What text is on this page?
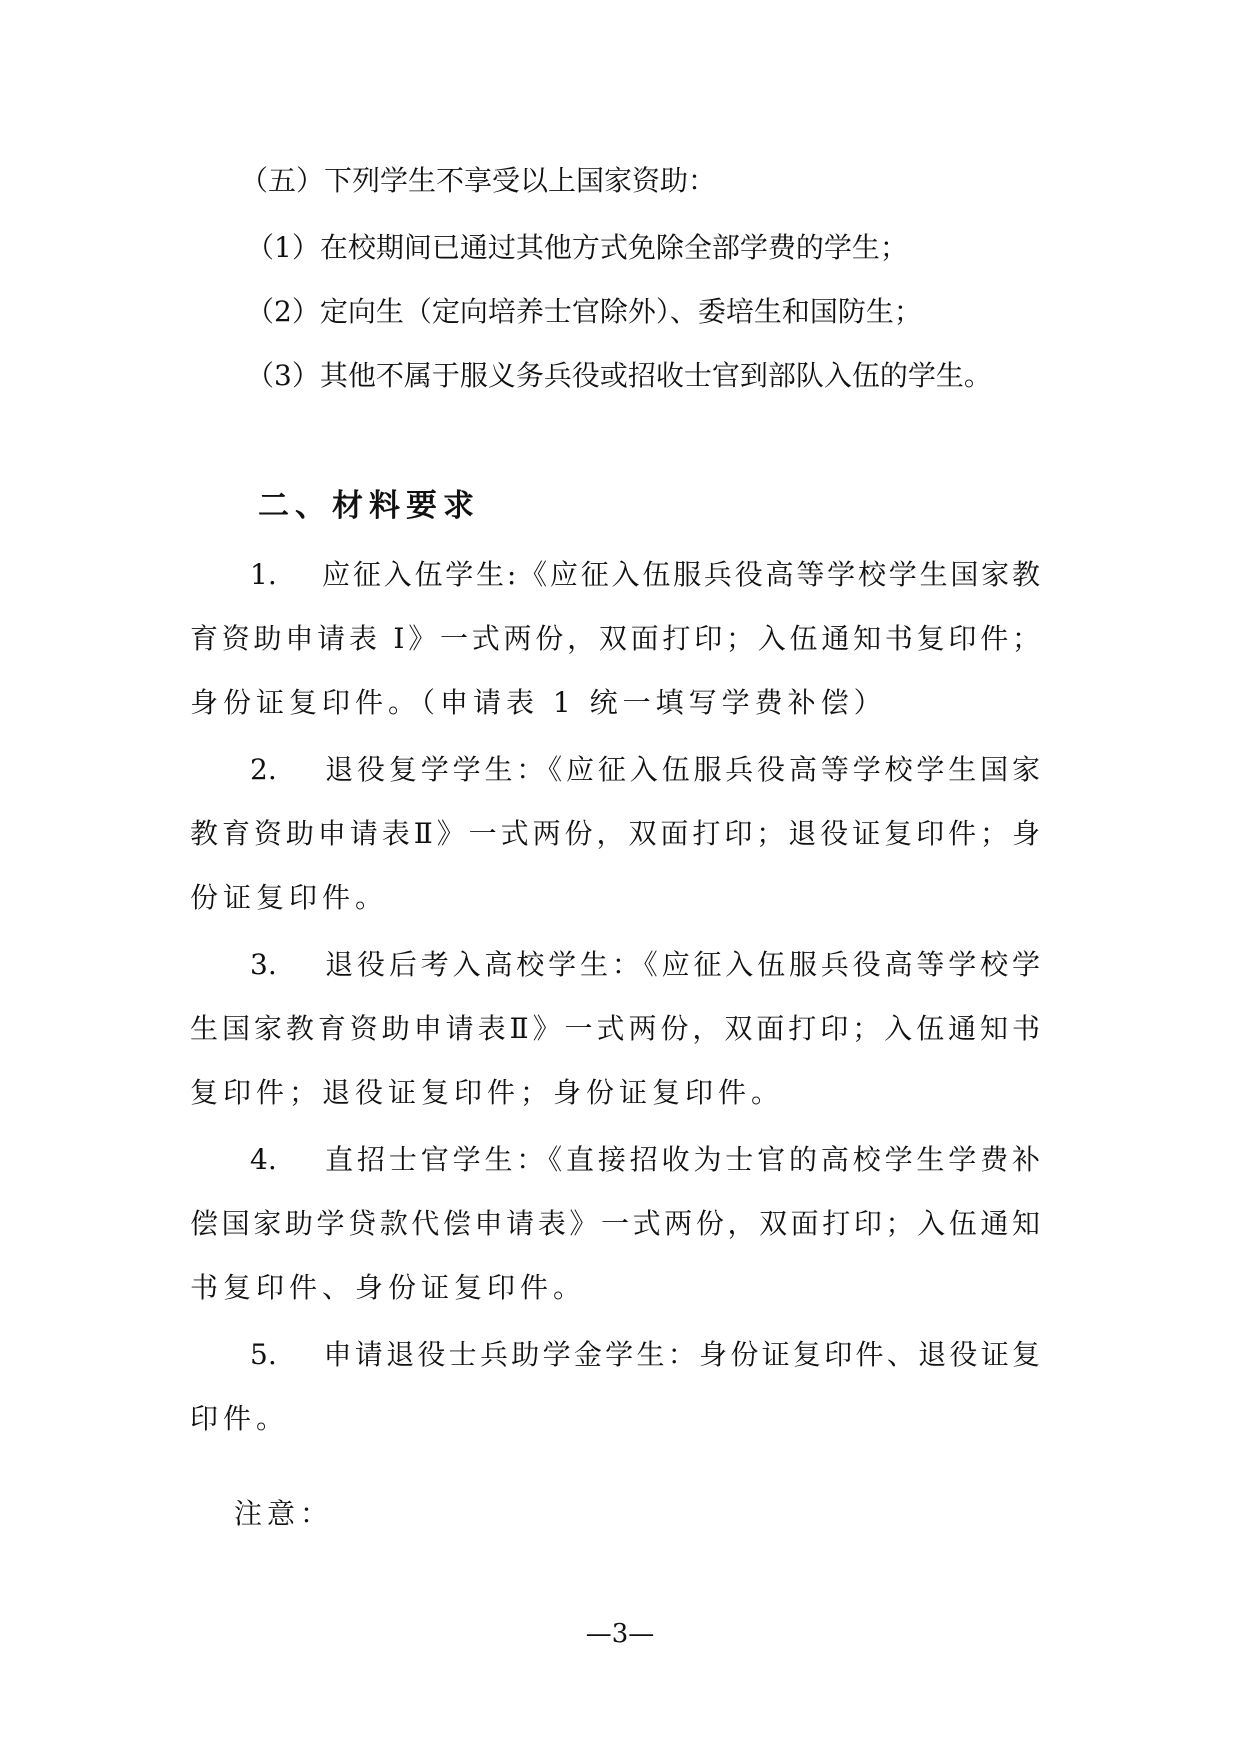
（五）下列学生不享受以上国家资助：
（1）在校期间已通过其他方式免除全部学费的学生；
（2）定向生（定向培养士官除外）、委培生和国防生；
（3）其他不属于服义务兵役或招收士官到部队入伍的学生。
二、材料要求
1.　 应征入伍学生:《应征入伍服兵役高等学校学生国家教
育资助申请表 I》一式两份，双面打印；入伍通知书复印件；
身份证复印件。（申请表 1 统一填写学费补偿）
2.　 退役复学学生：《应征入伍服兵役高等学校学生国家
教育资助申请表Ⅱ》一式两份，双面打印；退役证复印件；身
份证复印件。
3.　 退役后考入高校学生：《应征入伍服兵役高等学校学
生国家教育资助申请表Ⅱ》一式两份，双面打印；入伍通知书
复印件；退役证复印件；身份证复印件。
4.　 直招士官学生：《直接招收为士官的高校学生学费补
偿国家助学贷款代偿申请表》一式两份，双面打印；入伍通知
书复印件、身份证复印件。
5.　 申请退役士兵助学金学生：身份证复印件、退役证复
印件。
注意：
—3—
